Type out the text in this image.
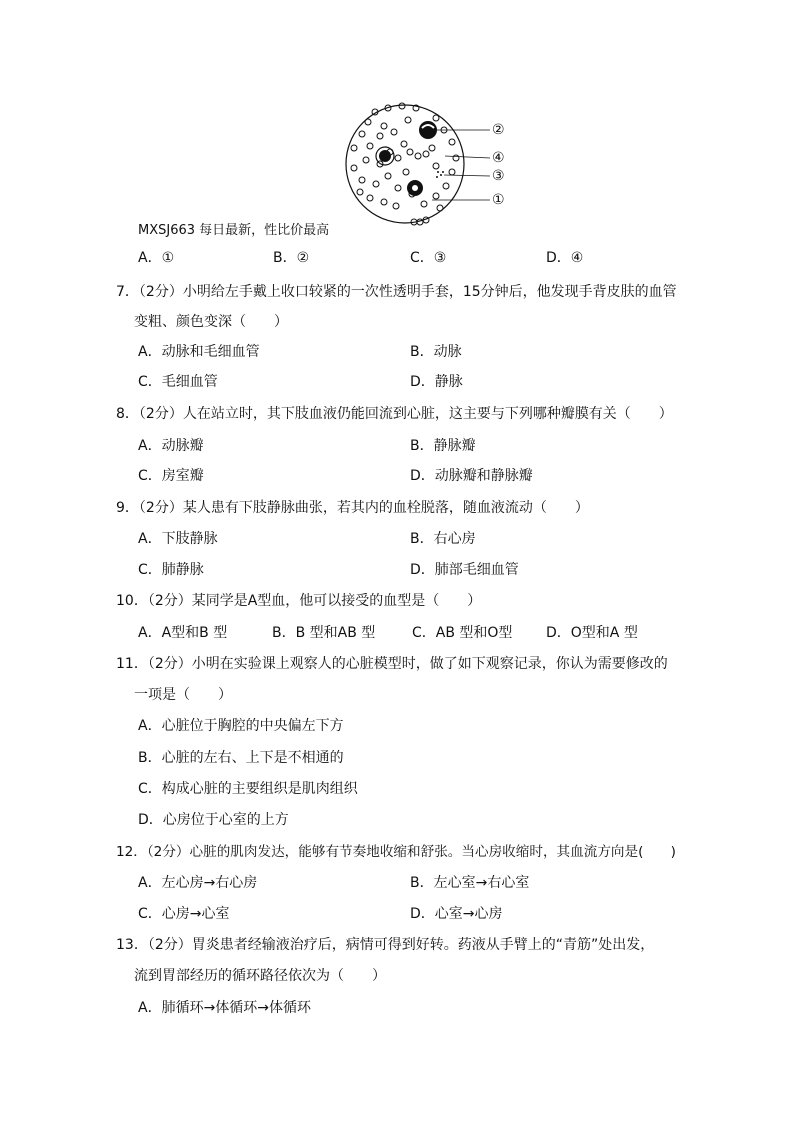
②
④
③
①
MXSJ663 每日最新，性比价最高
A．①	B．②	C．③	D．④
7．（2分）小明给左手戴上收口较紧的一次性透明手套，15分钟后，他发现手背皮肤的血管
变粗、颜色变深（　　）
A．动脉和毛细血管	B．动脉
C．毛细血管	D．静脉
8．（2分）人在站立时，其下肢血液仍能回流到心脏，这主要与下列哪种瓣膜有关（　　）
A．动脉瓣	B．静脉瓣
C．房室瓣	D．动脉瓣和静脉瓣
9．（2分）某人患有下肢静脉曲张，若其内的血栓脱落，随血液流动（　　）
A．下肢静脉	B．右心房
C．肺静脉	D．肺部毛细血管
10．（2分）某同学是A型血，他可以接受的血型是（　　）
A．A型和B 型	B．B 型和AB 型	C．AB 型和O型 D．O型和A 型
11．（2分）小明在实验课上观察人的心脏模型时，做了如下观察记录，你认为需要修改的
一项是（　　）
A．心脏位于胸腔的中央偏左下方
B．心脏的左右、上下是不相通的
C．构成心脏的主要组织是肌肉组织
D．心房位于心室的上方
12．（2分）心脏的肌肉发达，能够有节奏地收缩和舒张。当心房收缩时，其血流方向是(　　)
A．左心房→右心房	B．左心室→右心室
C．心房→心室	D．心室→心房
13．（2分）胃炎患者经输液治疗后，病情可得到好转。药液从手臂上的“青筋”处出发，
流到胃部经历的循环路径依次为（　　）
A．肺循环→体循环→体循环
